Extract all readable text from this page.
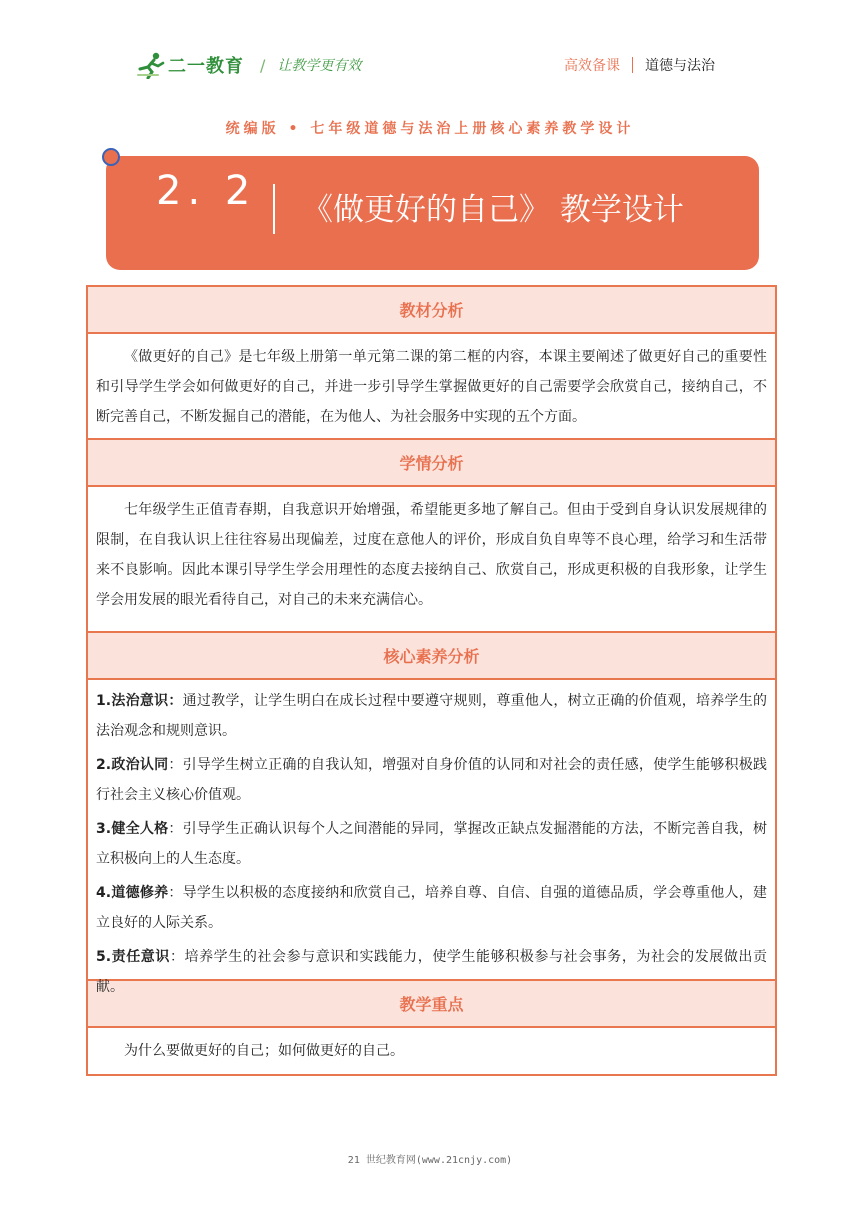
二一教育 / 让教学更有效	高效备课 道德与法治
统编版 • 七年级道德与法治上册核心素养教学设计
2. 2 《做更好的自己》 教学设计
教材分析

《做更好的自己》是七年级上册第一单元第二课的第二框的内容，本课主要阐述了做更好自己的重要性和引导学生学会如何做更好的自己，并进一步引导学生掌握做更好的自己需要学会欣赏自己，接纳自己，不断完善自己，不断发掘自己的潜能，在为他人、为社会服务中实现的五个方面。

学情分析

七年级学生正值青春期，自我意识开始增强，希望能更多地了解自己。但由于受到自身认识发展规律的限制，在自我认识上往往容易出现偏差，过度在意他人的评价，形成自负自卑等不良心理，给学习和生活带来不良影响。因此本课引导学生学会用理性的态度去接纳自己、欣赏自己，形成更积极的自我形象，让学生学会用发展的眼光看待自己，对自己的未来充满信心。

核心素养分析

1.法治意识：通过教学，让学生明白在成长过程中要遵守规则，尊重他人，树立正确的价值观，培养学生的法治观念和规则意识。

2.政治认同：引导学生树立正确的自我认知，增强对自身价值的认同和对社会的责任感，使学生能够积极践行社会主义核心价值观。

3.健全人格：引导学生正确认识每个人之间潜能的异同，掌握改正缺点发掘潜能的方法，不断完善自我，树立积极向上的人生态度。

4.道德修养：导学生以积极的态度接纳和欣赏自己，培养自尊、自信、自强的道德品质，学会尊重他人，建立良好的人际关系。

5.责任意识：培养学生的社会参与意识和实践能力，使学生能够积极参与社会事务，为社会的发展做出贡献。

教学重点

为什么要做更好的自己；如何做更好的自己。

21 世纪教育网(www.21cnjy.com)
